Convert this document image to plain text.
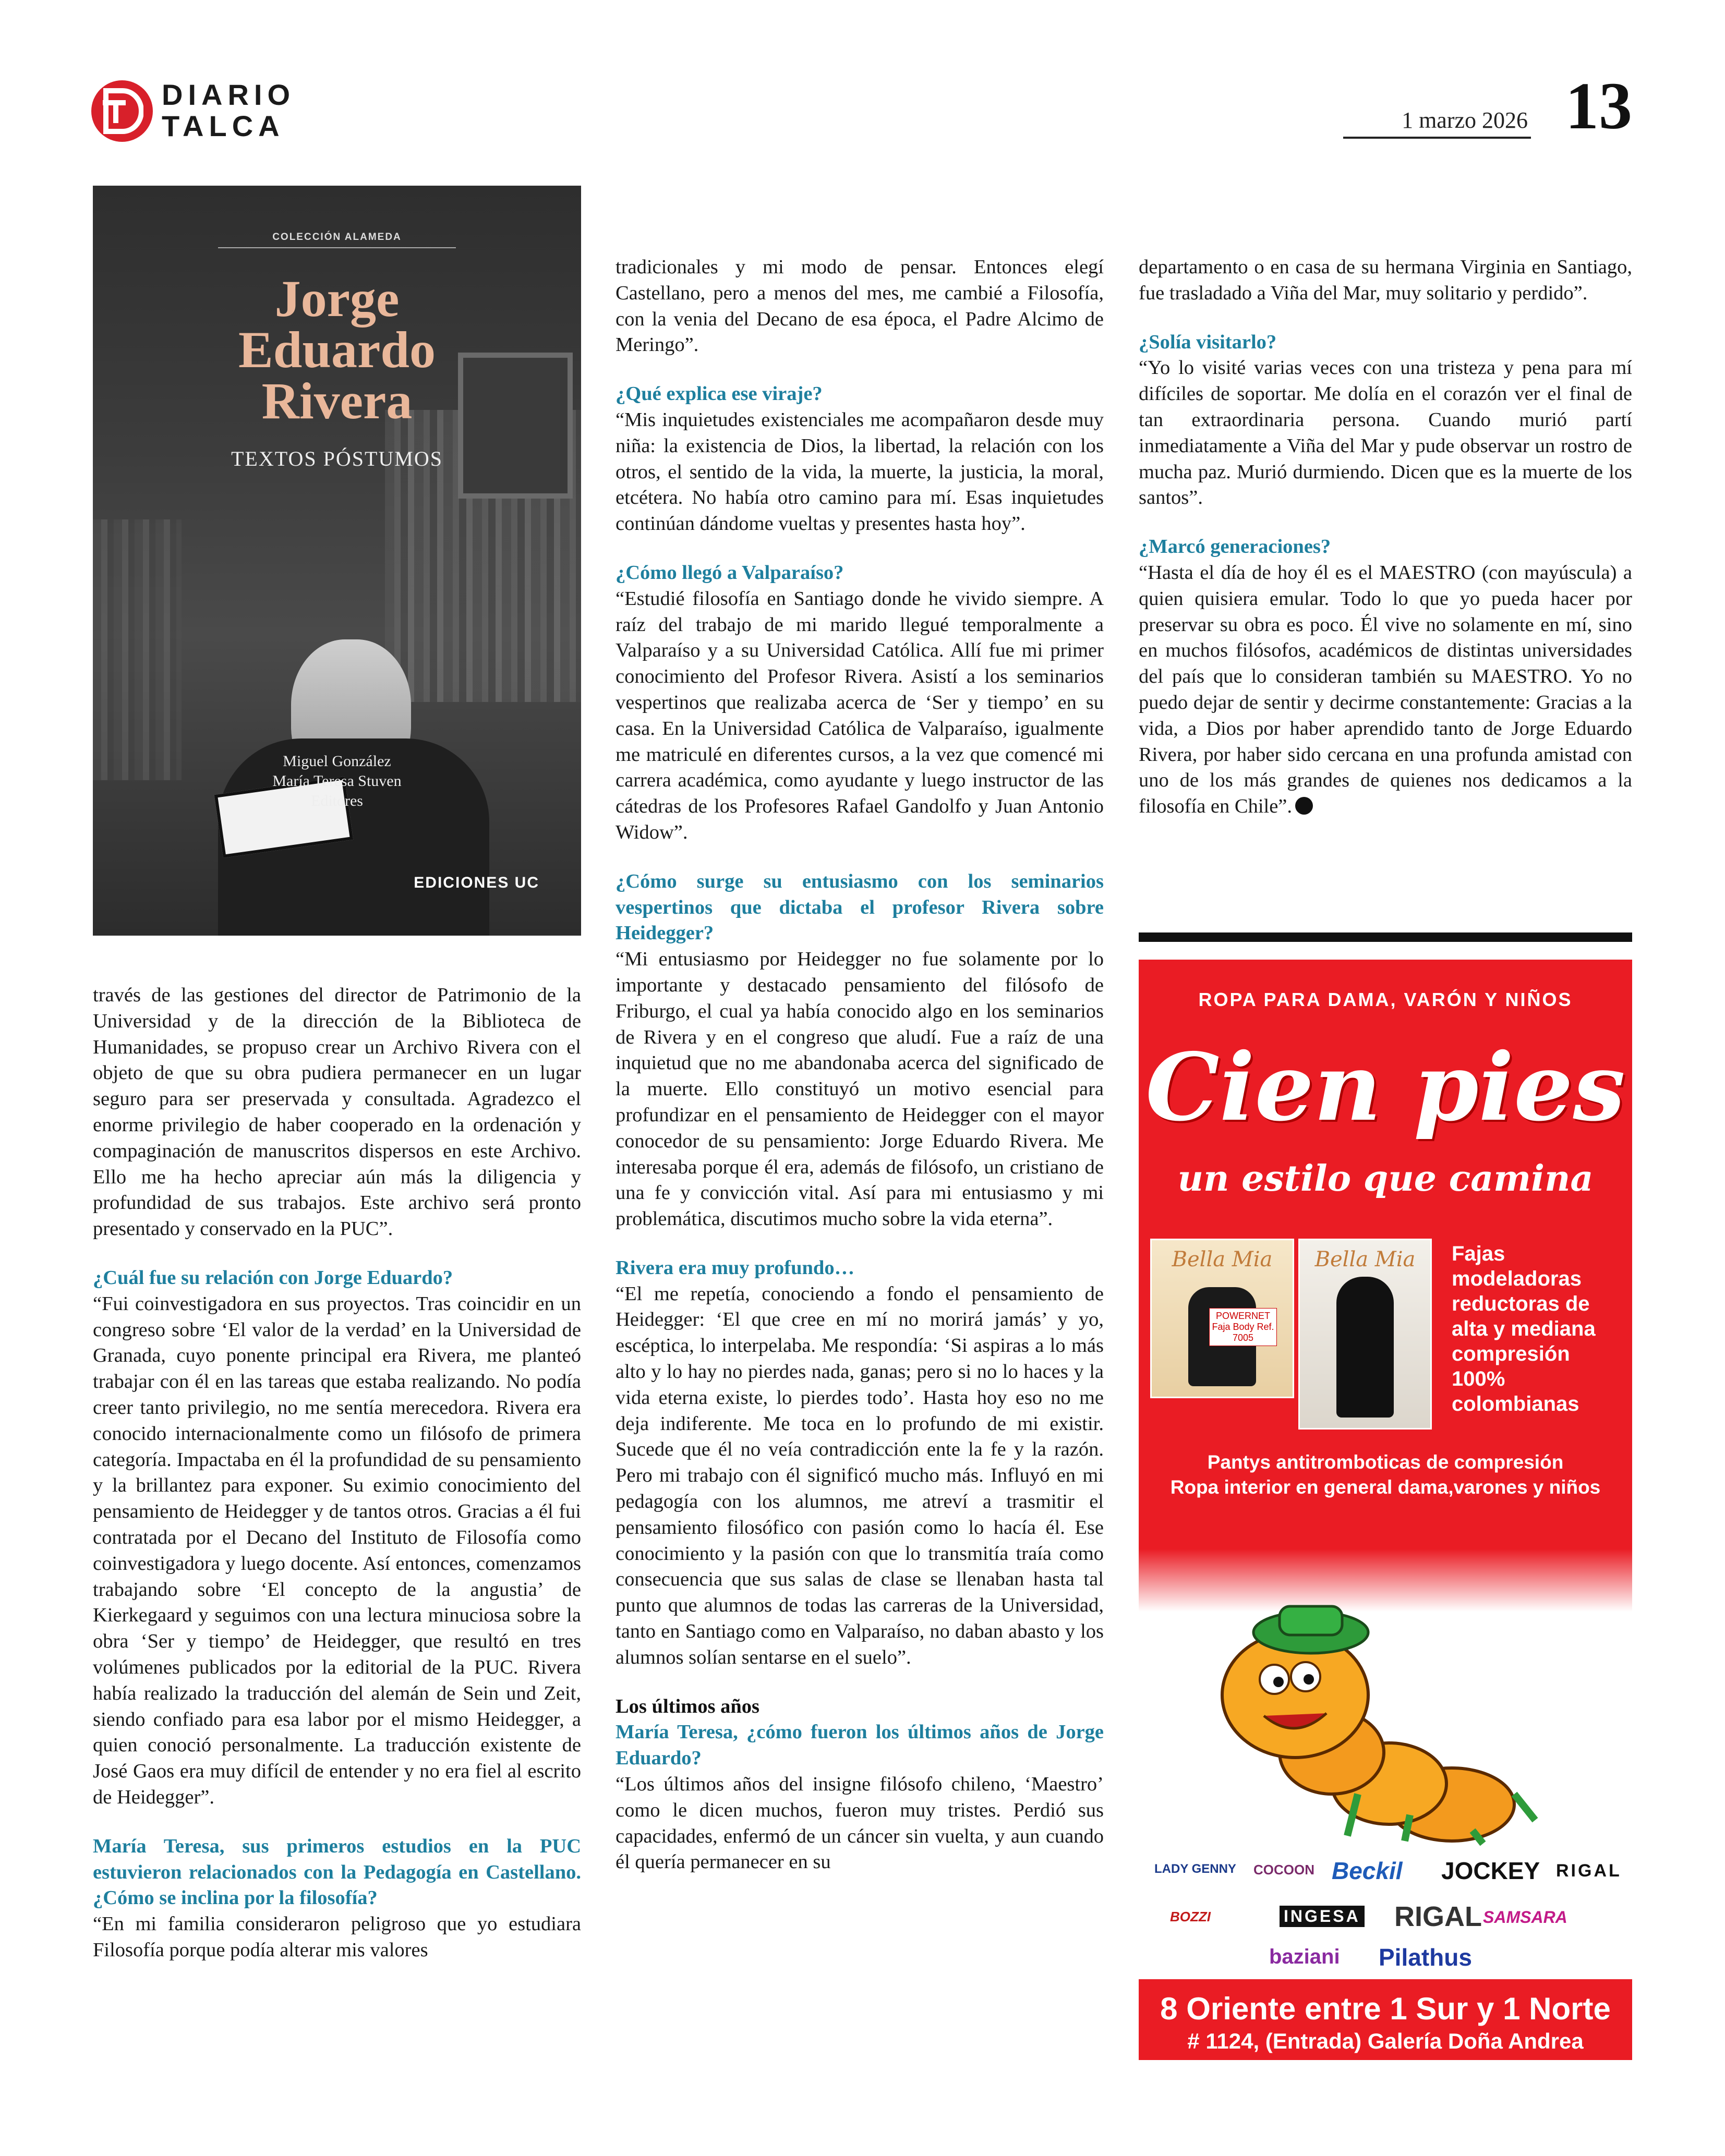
DIARIO
TALCA	1 marzo 2026 13
COLECCIÓN ALAMEDA
Jorge
Eduardo
Rivera
TEXTOS PÓSTUMOS
Miguel González
María Teresa Stuven
Editores
EDICIONES UC

través de las gestiones del director de Patrimonio de la Universidad y de la dirección de la Biblioteca de Humanidades, se propuso crear un Archivo Rivera con el objeto de que su obra pudiera permanecer en un lugar seguro para ser preservada y consultada. Agradezco el enorme privilegio de haber cooperado en la ordenación y compaginación de manuscritos dispersos en este Archivo. Ello me ha hecho apreciar aún más la diligencia y profundidad de sus trabajos. Este archivo será pronto presentado y conservado en la PUC”.

¿Cuál fue su relación con Jorge Eduardo?

“Fui coinvestigadora en sus proyectos. Tras coincidir en un congreso sobre ‘El valor de la verdad’ en la Universidad de Granada, cuyo ponente principal era Rivera, me planteó trabajar con él en las tareas que estaba realizando. No podía creer tanto privilegio, no me sentía merecedora. Rivera era conocido internacionalmente como un filósofo de primera categoría. Impactaba en él la profundidad de su pensamiento y la brillantez para exponer. Su eximio conocimiento del pensamiento de Heidegger y de tantos otros. Gracias a él fui contratada por el Decano del Instituto de Filosofía como coinvestigadora y luego docente. Así entonces, comenzamos trabajando sobre ‘El concepto de la angustia’ de Kierkegaard y seguimos con una lectura minuciosa sobre la obra ‘Ser y tiempo’ de Heidegger, que resultó en tres volúmenes publicados por la editorial de la PUC. Rivera había realizado la traducción del alemán de Sein und Zeit, siendo confiado para esa labor por el mismo Heidegger, a quien conoció personalmente. La traducción existente de José Gaos era muy difícil de entender y no era fiel al escrito de Heidegger”.

María Teresa, sus primeros estudios en la PUC estuvieron relacionados con la Pedagogía en Castellano. ¿Cómo se inclina por la filosofía?

“En mi familia consideraron peligroso que yo estudiara Filosofía porque podía alterar mis valores

tradicionales y mi modo de pensar. Entonces elegí Castellano, pero a menos del mes, me cambié a Filosofía, con la venia del Decano de esa época, el Padre Alcimo de Meringo”.

¿Qué explica ese viraje?

“Mis inquietudes existenciales me acompañaron desde muy niña: la existencia de Dios, la libertad, la relación con los otros, el sentido de la vida, la muerte, la justicia, la moral, etcétera. No había otro camino para mí. Esas inquietudes continúan dándome vueltas y presentes hasta hoy”.

¿Cómo llegó a Valparaíso?

“Estudié filosofía en Santiago donde he vivido siempre. A raíz del trabajo de mi marido llegué temporalmente a Valparaíso y a su Universidad Católica. Allí fue mi primer conocimiento del Profesor Rivera. Asistí a los seminarios vespertinos que realizaba acerca de ‘Ser y tiempo’ en su casa. En la Universidad Católica de Valparaíso, igualmente me matriculé en diferentes cursos, a la vez que comencé mi carrera académica, como ayudante y luego instructor de las cátedras de los Profesores Rafael Gandolfo y Juan Antonio Widow”.

¿Cómo surge su entusiasmo con los seminarios vespertinos que dictaba el profesor Rivera sobre Heidegger?

“Mi entusiasmo por Heidegger no fue solamente por lo importante y destacado pensamiento del filósofo de Friburgo, el cual ya había conocido algo en los seminarios de Rivera y en el congreso que aludí. Fue a raíz de una inquietud que no me abandonaba acerca del significado de la muerte. Ello constituyó un motivo esencial para profundizar en el pensamiento de Heidegger con el mayor conocedor de su pensamiento: Jorge Eduardo Rivera. Me interesaba porque él era, además de filósofo, un cristiano de una fe y convicción vital. Así para mi entusiasmo y mi problemática, discutimos mucho sobre la vida eterna”.

Rivera era muy profundo…

“El me repetía, conociendo a fondo el pensamiento de Heidegger: ‘El que cree en mí no morirá jamás’ y yo, escéptica, lo interpelaba. Me respondía: ‘Si aspiras a lo más alto y lo hay no pierdes nada, ganas; pero si no lo haces y la vida eterna existe, lo pierdes todo’. Hasta hoy eso no me deja indiferente. Me toca en lo profundo de mi existir. Sucede que él no veía contradicción ente la fe y la razón. Pero mi trabajo con él significó mucho más. Influyó en mi pedagogía con los alumnos, me atreví a trasmitir el pensamiento filosófico con pasión como lo hacía él. Ese conocimiento y la pasión con que lo transmitía traía como consecuencia que sus salas de clase se llenaban hasta tal punto que alumnos de todas las carreras de la Universidad, tanto en Santiago como en Valparaíso, no daban abasto y los alumnos solían sentarse en el suelo”.

Los últimos años

María Teresa, ¿cómo fueron los últimos años de Jorge Eduardo?

“Los últimos años del insigne filósofo chileno, ‘Maestro’ como le dicen muchos, fueron muy tristes. Perdió sus capacidades, enfermó de un cáncer sin vuelta, y aun cuando él quería permanecer en su

departamento o en casa de su hermana Virginia en Santiago, fue trasladado a Viña del Mar, muy solitario y perdido”.

¿Solía visitarlo?

“Yo lo visité varias veces con una tristeza y pena para mí difíciles de soportar. Me dolía en el corazón ver el final de tan extraordinaria persona. Cuando murió partí inmediatamente a Viña del Mar y pude observar un rostro de mucha paz. Murió durmiendo. Dicen que es la muerte de los santos”.

¿Marcó generaciones?

“Hasta el día de hoy él es el MAESTRO (con mayúscula) a quien quisiera emular. Todo lo que yo pueda hacer por preservar su obra es poco. Él vive no solamente en mí, sino en muchos filósofos, académicos de distintas universidades del país que lo consideran también su MAESTRO. Yo no puedo dejar de sentir y decirme constantemente: Gracias a la vida, a Dios por haber aprendido tanto de Jorge Eduardo Rivera, por haber sido cercana en una profunda amistad con uno de los más grandes de quienes nos dedicamos a la filosofía en Chile”.

ROPA PARA DAMA, VARÓN Y NIÑOS
Cien pies
un estilo que camina
Bella Mia
POWERNET Faja Body Ref. 7005
Bella Mia	Fajas modeladoras reductoras de alta y mediana compresión 100% colombianas
Pantys antitromboticas de compresión
Ropa interior en general dama,varones y niños
LADY GENNY COCOON Beckil JOCKEY RIGAL
BOZZI	INGESA RIGAL SAMSARA
baziani Pilathus
8 Oriente entre 1 Sur y 1 Norte
# 1124, (Entrada) Galería Doña Andrea
